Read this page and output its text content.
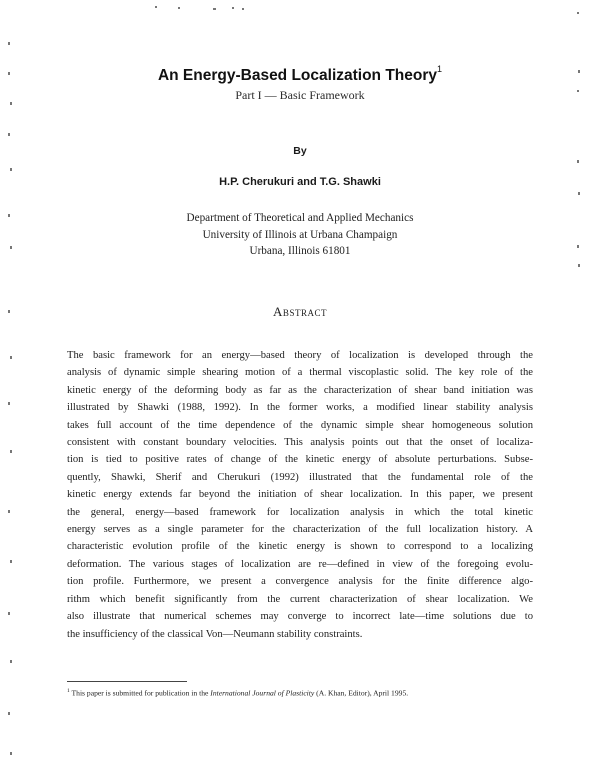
An Energy-Based Localization Theory$^1$
Part I — Basic Framework
By
H.P. Cherukuri and T.G. Shawki
Department of Theoretical and Applied Mechanics
University of Illinois at Urbana Champaign
Urbana, Illinois 61801
Abstract
The basic framework for an energy—based theory of localization is developed through the
analysis of dynamic simple shearing motion of a thermal viscoplastic solid. The key role of the
kinetic energy of the deforming body as far as the characterization of shear band initiation was
illustrated by Shawki (1988, 1992). In the former works, a modified linear stability analysis
takes full account of the time dependence of the dynamic simple shear homogeneous solution
consistent with constant boundary velocities. This analysis points out that the onset of localiza-
tion is tied to positive rates of change of the kinetic energy of absolute perturbations. Subse-
quently, Shawki, Sherif and Cherukuri (1992) illustrated that the fundamental role of the
kinetic energy extends far beyond the initiation of shear localization. In this paper, we present
the general, energy—based framework for localization analysis in which the total kinetic
energy serves as a single parameter for the characterization of the full localization history. A
characteristic evolution profile of the kinetic energy is shown to correspond to a localizing
deformation. The various stages of localization are re—defined in view of the foregoing evolu-
tion profile. Furthermore, we present a convergence analysis for the finite difference algo-
rithm which benefit significantly from the current characterization of shear localization. We
also illustrate that numerical schemes may converge to incorrect late—time solutions due to
the insufficiency of the classical Von—Neumann stability constraints.
$^1$ This paper is submitted for publication in the International Journal of Plasticity (A. Khan, Editor), April 1995.
